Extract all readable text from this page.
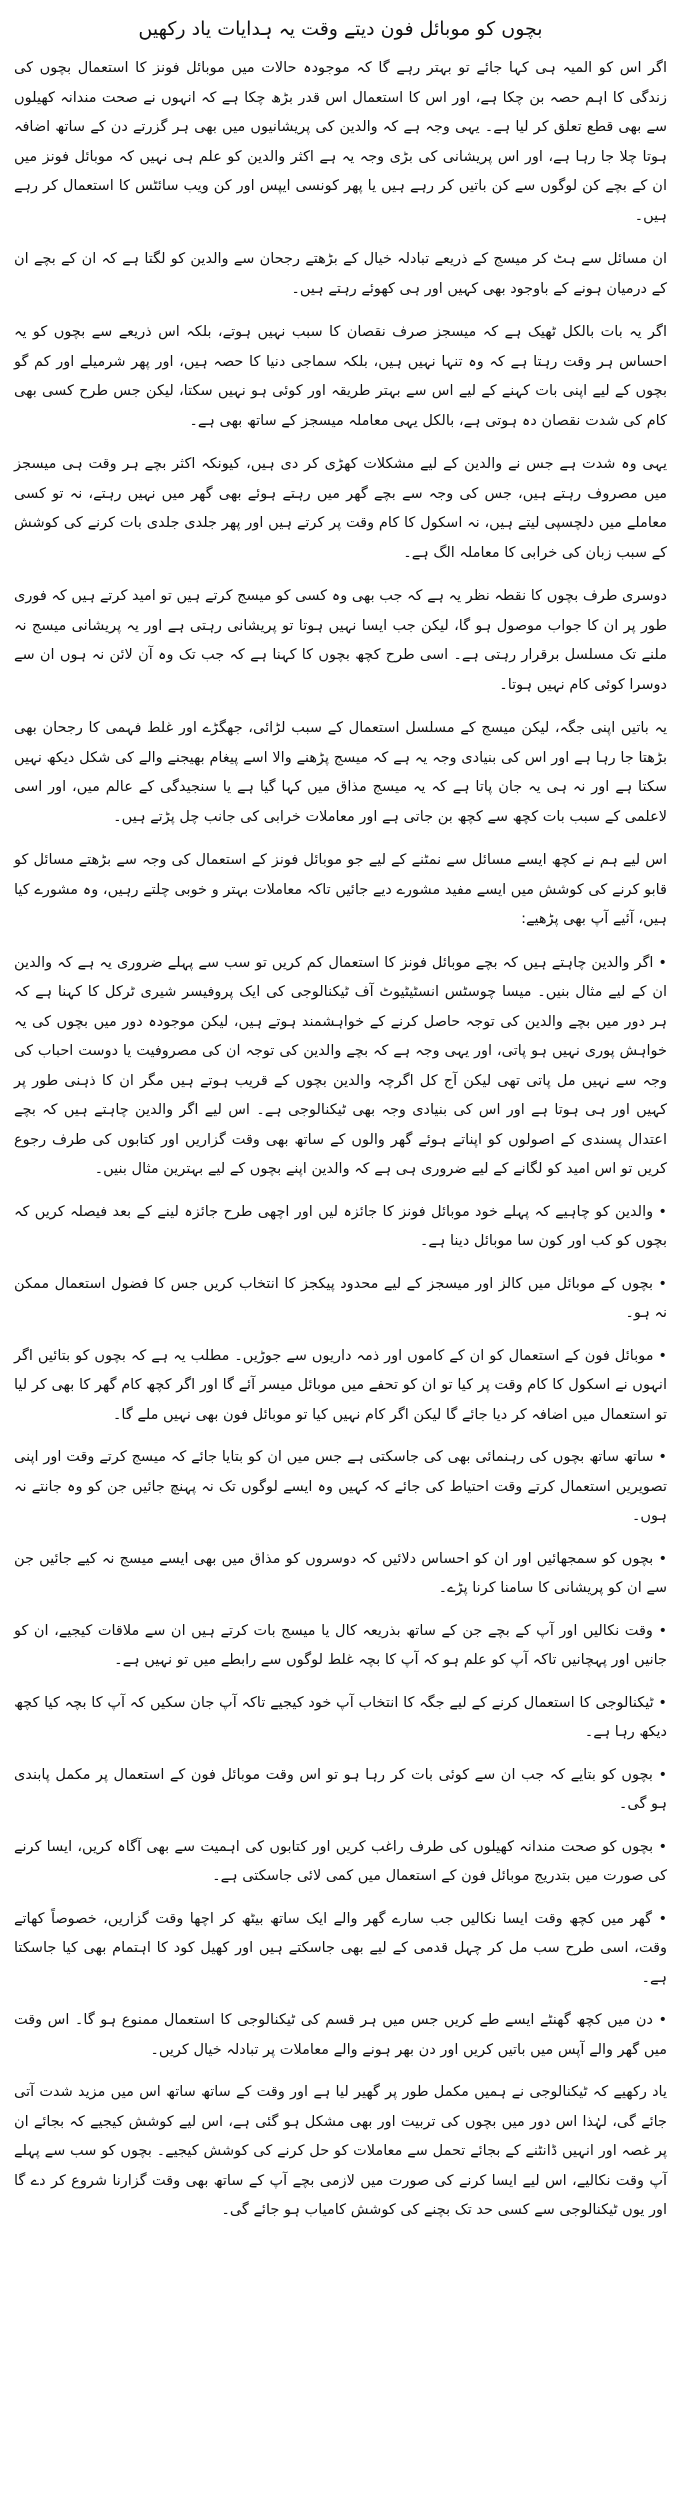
بچوں کو موبائل فون دیتے وقت یہ ہدایات یاد رکھیں

اگر اس کو المیہ ہی کہا جائے تو بہتر رہے گا کہ موجودہ حالات میں موبائل فونز کا استعمال بچوں کی زندگی کا اہم حصہ بن چکا ہے، اور اس کا استعمال اس قدر بڑھ چکا ہے کہ انہوں نے صحت مندانہ کھیلوں سے بھی قطع تعلق کر لیا ہے۔ یہی وجہ ہے کہ والدین کی پریشانیوں میں بھی ہر گزرتے دن کے ساتھ اضافہ ہوتا چلا جا رہا ہے، اور اس پریشانی کی بڑی وجہ یہ ہے اکثر والدین کو علم ہی نہیں کہ موبائل فونز میں ان کے بچے کن لوگوں سے کن باتیں کر رہے ہیں یا پھر کونسی ایپس اور کن ویب سائٹس کا استعمال کر رہے ہیں۔

ان مسائل سے ہٹ کر میسج کے ذریعے تبادلہ خیال کے بڑھتے رجحان سے والدین کو لگتا ہے کہ ان کے بچے ان کے درمیان ہونے کے باوجود بھی کہیں اور ہی کھوئے رہتے ہیں۔

اگر یہ بات بالکل ٹھیک ہے کہ میسجز صرف نقصان کا سبب نہیں ہوتے، بلکہ اس ذریعے سے بچوں کو یہ احساس ہر وقت رہتا ہے کہ وہ تنہا نہیں ہیں، بلکہ سماجی دنیا کا حصہ ہیں، اور پھر شرمیلے اور کم گو بچوں کے لیے اپنی بات کہنے کے لیے اس سے بہتر طریقہ اور کوئی ہو نہیں سکتا، لیکن جس طرح کسی بھی کام کی شدت نقصان دہ ہوتی ہے، بالکل یہی معاملہ میسجز کے ساتھ بھی ہے۔

یہی وہ شدت ہے جس نے والدین کے لیے مشکلات کھڑی کر دی ہیں، کیونکہ اکثر بچے ہر وقت ہی میسجز میں مصروف رہتے ہیں، جس کی وجہ سے بچے گھر میں رہتے ہوئے بھی گھر میں نہیں رہتے، نہ تو کسی معاملے میں دلچسپی لیتے ہیں، نہ اسکول کا کام وقت پر کرتے ہیں اور پھر جلدی جلدی بات کرنے کی کوشش کے سبب زبان کی خرابی کا معاملہ الگ ہے۔

دوسری طرف بچوں کا نقطہ نظر یہ ہے کہ جب بھی وہ کسی کو میسج کرتے ہیں تو امید کرتے ہیں کہ فوری طور پر ان کا جواب موصول ہو گا، لیکن جب ایسا نہیں ہوتا تو پریشانی رہتی ہے اور یہ پریشانی میسج نہ ملنے تک مسلسل برقرار رہتی ہے۔ اسی طرح کچھ بچوں کا کہنا ہے کہ جب تک وہ آن لائن نہ ہوں ان سے دوسرا کوئی کام نہیں ہوتا۔

یہ باتیں اپنی جگہ، لیکن میسج کے مسلسل استعمال کے سبب لڑائی، جھگڑے اور غلط فہمی کا رجحان بھی بڑھتا جا رہا ہے اور اس کی بنیادی وجہ یہ ہے کہ میسج پڑھنے والا اسے پیغام بھیجنے والے کی شکل دیکھ نہیں سکتا ہے اور نہ ہی یہ جان پاتا ہے کہ یہ میسج مذاق میں کہا گیا ہے یا سنجیدگی کے عالم میں، اور اسی لاعلمی کے سبب بات کچھ سے کچھ بن جاتی ہے اور معاملات خرابی کی جانب چل پڑتے ہیں۔

اس لیے ہم نے کچھ ایسے مسائل سے نمٹنے کے لیے جو موبائل فونز کے استعمال کی وجہ سے بڑھتے مسائل کو قابو کرنے کی کوشش میں ایسے مفید مشورے دیے جائیں تاکہ معاملات بہتر و خوبی چلتے رہیں، وہ مشورے کیا ہیں، آئیے آپ بھی پڑھیے:

• اگر والدین چاہتے ہیں کہ بچے موبائل فونز کا استعمال کم کریں تو سب سے پہلے ضروری یہ ہے کہ والدین ان کے لیے مثال بنیں۔ میسا چوسٹس انسٹیٹیوٹ آف ٹیکنالوجی کی ایک پروفیسر شیری ٹرکل کا کہنا ہے کہ ہر دور میں بچے والدین کی توجہ حاصل کرنے کے خواہشمند ہوتے ہیں، لیکن موجودہ دور میں بچوں کی یہ خواہش پوری نہیں ہو پاتی، اور یہی وجہ ہے کہ بچے والدین کی توجہ ان کی مصروفیت یا دوست احباب کی وجہ سے نہیں مل پاتی تھی لیکن آج کل اگرچہ والدین بچوں کے قریب ہوتے ہیں مگر ان کا ذہنی طور پر کہیں اور ہی ہوتا ہے اور اس کی بنیادی وجہ بھی ٹیکنالوجی ہے۔ اس لیے اگر والدین چاہتے ہیں کہ بچے اعتدال پسندی کے اصولوں کو اپناتے ہوئے گھر والوں کے ساتھ بھی وقت گزاریں اور کتابوں کی طرف رجوع کریں تو اس امید کو لگانے کے لیے ضروری ہی ہے کہ والدین اپنے بچوں کے لیے بہترین مثال بنیں۔

• والدین کو چاہیے کہ پہلے خود موبائل فونز کا جائزہ لیں اور اچھی طرح جائزہ لینے کے بعد فیصلہ کریں کہ بچوں کو کب اور کون سا موبائل دینا ہے۔

• بچوں کے موبائل میں کالز اور میسجز کے لیے محدود پیکجز کا انتخاب کریں جس کا فضول استعمال ممکن نہ ہو۔

• موبائل فون کے استعمال کو ان کے کاموں اور ذمہ داریوں سے جوڑیں۔ مطلب یہ ہے کہ بچوں کو بتائیں اگر انہوں نے اسکول کا کام وقت پر کیا تو ان کو تحفے میں موبائل میسر آئے گا اور اگر کچھ کام گھر کا بھی کر لیا تو استعمال میں اضافہ کر دیا جائے گا لیکن اگر کام نہیں کیا تو موبائل فون بھی نہیں ملے گا۔

• ساتھ ساتھ بچوں کی رہنمائی بھی کی جاسکتی ہے جس میں ان کو بتایا جائے کہ میسج کرتے وقت اور اپنی تصویریں استعمال کرتے وقت احتیاط کی جائے کہ کہیں وہ ایسے لوگوں تک نہ پہنچ جائیں جن کو وہ جانتے نہ ہوں۔

• بچوں کو سمجھائیں اور ان کو احساس دلائیں کہ دوسروں کو مذاق میں بھی ایسے میسج نہ کیے جائیں جن سے ان کو پریشانی کا سامنا کرنا پڑے۔

• وقت نکالیں اور آپ کے بچے جن کے ساتھ بذریعہ کال یا میسج بات کرتے ہیں ان سے ملاقات کیجیے، ان کو جانیں اور پہچانیں تاکہ آپ کو علم ہو کہ آپ کا بچہ غلط لوگوں سے رابطے میں تو نہیں ہے۔

• ٹیکنالوجی کا استعمال کرنے کے لیے جگہ کا انتخاب آپ خود کیجیے تاکہ آپ جان سکیں کہ آپ کا بچہ کیا کچھ دیکھ رہا ہے۔

• بچوں کو بتایے کہ جب ان سے کوئی بات کر رہا ہو تو اس وقت موبائل فون کے استعمال پر مکمل پابندی ہو گی۔

• بچوں کو صحت مندانہ کھیلوں کی طرف راغب کریں اور کتابوں کی اہمیت سے بھی آگاہ کریں، ایسا کرنے کی صورت میں بتدریج موبائل فون کے استعمال میں کمی لائی جاسکتی ہے۔

• گھر میں کچھ وقت ایسا نکالیں جب سارے گھر والے ایک ساتھ بیٹھ کر اچھا وقت گزاریں، خصوصاً کھاتے وقت، اسی طرح سب مل کر چہل قدمی کے لیے بھی جاسکتے ہیں اور کھیل کود کا اہتمام بھی کیا جاسکتا ہے۔

• دن میں کچھ گھنٹے ایسے طے کریں جس میں ہر قسم کی ٹیکنالوجی کا استعمال ممنوع ہو گا۔ اس وقت میں گھر والے آپس میں باتیں کریں اور دن بھر ہونے والے معاملات پر تبادلہ خیال کریں۔

یاد رکھیے کہ ٹیکنالوجی نے ہمیں مکمل طور پر گھیر لیا ہے اور وقت کے ساتھ ساتھ اس میں مزید شدت آتی جائے گی، لہٰذا اس دور میں بچوں کی تربیت اور بھی مشکل ہو گئی ہے، اس لیے کوشش کیجیے کہ بجائے ان پر غصہ اور انہیں ڈانٹنے کے بجائے تحمل سے معاملات کو حل کرنے کی کوشش کیجیے۔ بچوں کو سب سے پہلے آپ وقت نکالیے، اس لیے ایسا کرنے کی صورت میں لازمی بچے آپ کے ساتھ بھی وقت گزارنا شروع کر دے گا اور یوں ٹیکنالوجی سے کسی حد تک بچنے کی کوشش کامیاب ہو جائے گی۔
